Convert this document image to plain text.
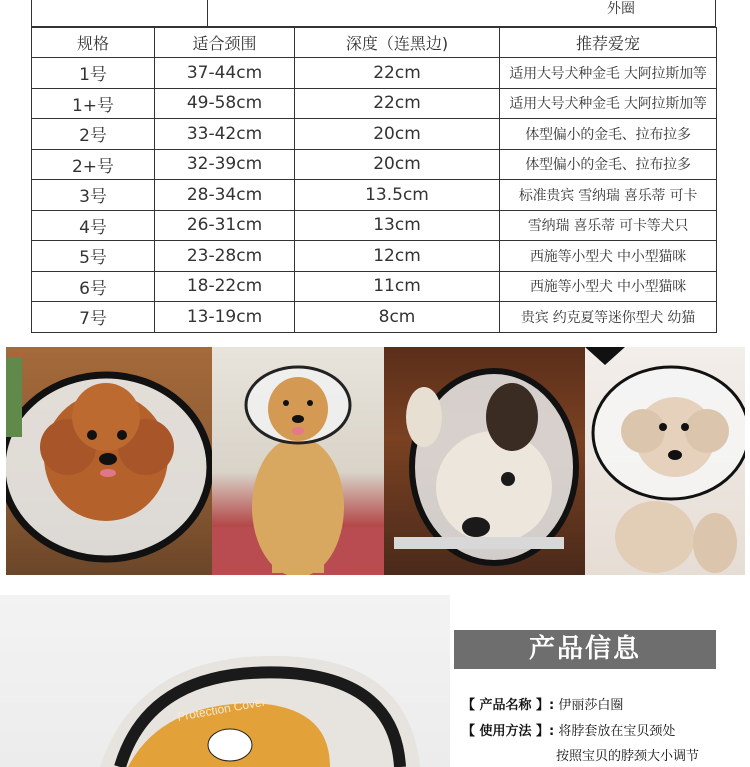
外圈
规格	适合颈围	深度（连黑边)	推荐爱宠
1号	37-44cm	22cm	适用大号犬种金毛 大阿拉斯加等
1+号	49-58cm	22cm	适用大号犬种金毛 大阿拉斯加等
2号	33-42cm	20cm	体型偏小的金毛、拉布拉多
2+号	32-39cm	20cm	体型偏小的金毛、拉布拉多
3号	28-34cm	13.5cm	标准贵宾 雪纳瑞 喜乐蒂 可卡
4号	26-31cm	13cm	雪纳瑞 喜乐蒂 可卡等犬只
5号	23-28cm	12cm	西施等小型犬 中小型猫咪
6号	18-22cm	11cm	西施等小型犬 中小型猫咪
7号	13-19cm	8cm	贵宾 约克夏等迷你型犬 幼猫
Protection Cover
产品信息
【 产品名称 】: 伊丽莎白圈
【 使用方法 】: 将脖套放在宝贝颈处
按照宝贝的脖颈大小调节
